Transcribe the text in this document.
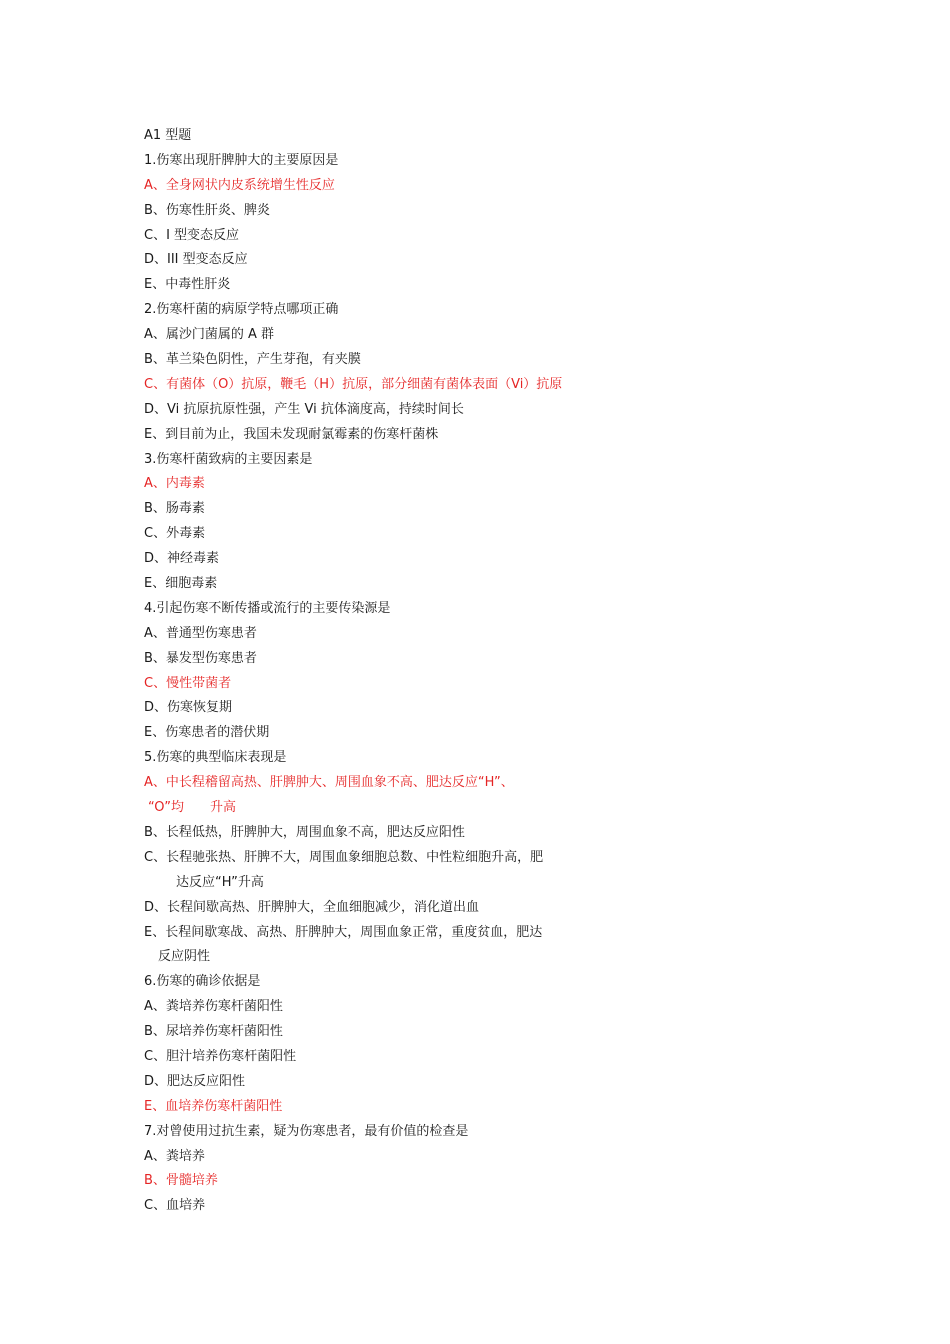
A1 型题
1.伤寒出现肝脾肿大的主要原因是
A、全身网状内皮系统增生性反应
B、伤寒性肝炎、脾炎
C、I 型变态反应
D、III 型变态反应
E、中毒性肝炎
2.伤寒杆菌的病原学特点哪项正确
A、属沙门菌属的 A 群
B、革兰染色阴性，产生芽孢，有夹膜
C、有菌体（O）抗原，鞭毛（H）抗原，部分细菌有菌体表面（Vi）抗原
D、Vi 抗原抗原性强，产生 Vi 抗体滴度高，持续时间长
E、到目前为止，我国未发现耐氯霉素的伤寒杆菌株
3.伤寒杆菌致病的主要因素是
A、内毒素
B、肠毒素
C、外毒素
D、神经毒素
E、细胞毒素
4.引起伤寒不断传播或流行的主要传染源是
A、普通型伤寒患者
B、暴发型伤寒患者
C、慢性带菌者
D、伤寒恢复期
E、伤寒患者的潜伏期
5.伤寒的典型临床表现是
A、中长程稽留高热、肝脾肿大、周围血象不高、肥达反应“H”、
“O”均　　升高
B、长程低热，肝脾肿大，周围血象不高，肥达反应阳性
C、长程驰张热、肝脾不大，周围血象细胞总数、中性粒细胞升高，肥
达反应“H”升高
D、长程间歇高热、肝脾肿大，全血细胞减少，消化道出血
E、长程间歇寒战、高热、肝脾肿大，周围血象正常，重度贫血，肥达
反应阴性
6.伤寒的确诊依据是
A、粪培养伤寒杆菌阳性
B、尿培养伤寒杆菌阳性
C、胆汁培养伤寒杆菌阳性
D、肥达反应阳性
E、血培养伤寒杆菌阳性
7.对曾使用过抗生素，疑为伤寒患者，最有价值的检查是
A、粪培养
B、骨髓培养
C、血培养
